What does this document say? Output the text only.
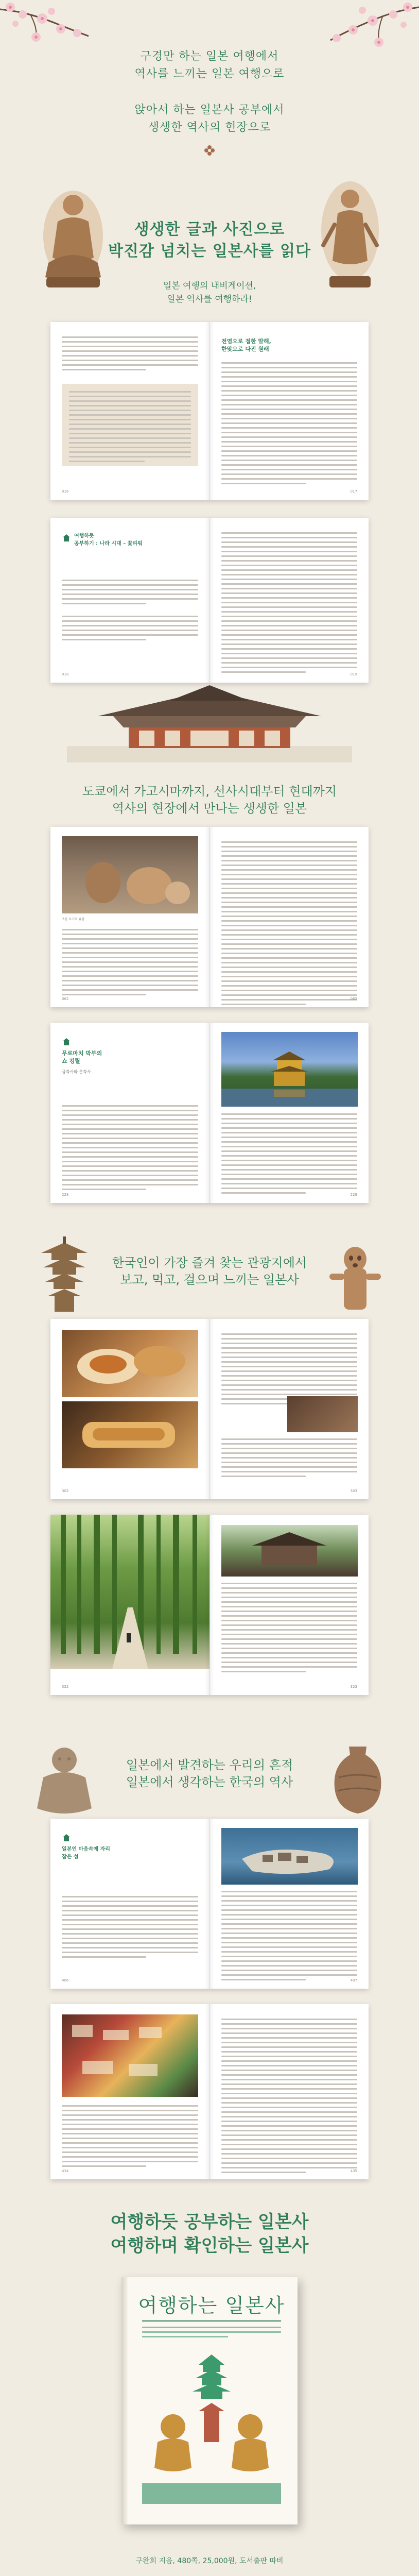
구경만 하는 일본 여행에서
역사를 느끼는 일본 여행으로
앉아서 하는 일본사 공부에서
생생한 역사의 현장으로
생생한 글과 사진으로
박진감 넘치는 일본사를 읽다
일본 여행의 내비게이션,
일본 역사를 여행하라!
016
전염으로 접한 말해,
한맞으로 다진 원래
017
여행하듯
공부하기 : 나라 시대 – 꽃피워
018	019
도쿄에서 가고시마까지, 선사시대부터 현대까지
역사의 현장에서 만나는 생생한 일본
조몬 토기와 유물
062	063
무로마치 막부의
쇼 킹릴
금각사와 은각사
228	229
한국인이 가장 즐겨 찾는 관광지에서
보고, 먹고, 걸으며 느끼는 일본사
302	303
322	323
일본에서 발견하는 우리의 흔적
일본에서 생각하는 한국의 역사
일본인 마음속에 자리
잡은 섬
406	407
434	435
여행하듯 공부하는 일본사
여행하며 확인하는 일본사
여행하는 일본사
구완회 지음, 480쪽, 25,000원, 도서출판 따비
